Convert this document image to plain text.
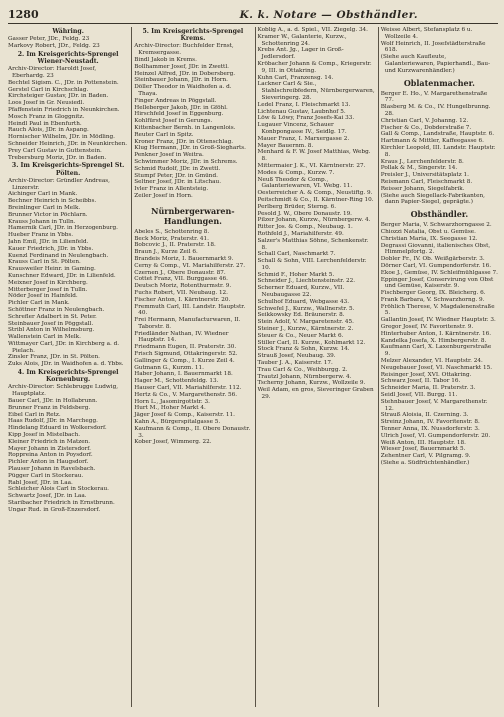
1280	K. k. Notare — Obsthändler.
Währing.
Gasser Peter, JDr., Feldg. 23
Markovy Robert, JDr., Feldg. 23
2. Im Kreisgerichts-Sprengel Wiener-Neustadt.
Archiv-Director: Haroldt Josef, Eberhardg. 23
Bechtel Sigism. C., JDr. in Pottenstein.
Gerstel Carl in Kirchschlag.
Kirchsteiger Gustav, JDr. in Baden.
Loos Josef in Gr. Neusiedl.
Pfaffenstein Friedrich in Neunkirchen.
Mosch Franz in Gloggnitz.
Heindl Paul in Ebenfurth.
Rauch Alois, JDr. in Aspang.
Hornischer Wilhelm, JDr. in Mödling.
Schneider Heinrich, JDr. in Neunkirchen.
Prey Carl Gustav in Guttenstein.
Trebersburg Moriz, JDr. in Baden.
3. Im Kreisgerichts-Sprengel St. Pölten.
Archiv-Director: Gründler Andreas, Linzerstr.
Aichinger Carl in Mank.
Bechner Heinrich in Scheibbs.
Breinlinger Carl in Melk.
Brunner Victor in Pöchlarn.
Krauss Johann in Tulln.
Hamernik Carl, JDr. in Herzogenburg.
Hueber Franz in Ybbs.
Jahn Emil, JDr. in Lilienfeld.
Kauer Friedrich, JDr. in Ybbs.
Kuenzl Ferdinand in Neulengbach.
Krauss Carl in St. Pölten.
Krausweiler Heinr. in Gaming.
Kunschner Edward, JDr. in Lilienfeld.
Meixner Josef in Kirchberg.
Mitterberger Josef in Tulln.
Nöder Josef in Hainfeld.
Pichler Carl in Mank.
Schöttner Franz in Neulengbach.
Schrefler Adalbert in St. Peter.
Steinbauer Josef in Pöggstall.
Stribl Anton in Wilhelmsburg.
Wallenstein Carl in Melk.
Wittmayer Carl, JDr. in Kirchberg a. d. Pielach.
Zinsler Franz, JDr. in St. Pölten.
Zuks Alois, JDr. in Waidhofen a. d. Ybbs.
4. Im Kreisgerichts-Sprengel Korneuburg.
Archiv-Director: Schlebrugge Ludwig, Hauptplatz.
Bauer Carl, JDr. in Hollabrunn.
Brunner Franz in Feldsberg.
Eibel Carl in Retz.
Haas Rudolf, JDr. in Marchegg.
Hindelang Eduard in Wolkersdorf.
Kipp Josef in Mistelbach.
Kleiner Friedrich in Matzen.
Mayer Johann in Zistersdorf.
Roppreina Anton in Poysdorf.
Pichler Anton in Haugsdorf.
Plauser Johann in Ravelsbach.
Pügger Carl in Stockerau.
Rabl Josef, JDr. in Laa.
Schleicher Alois Carl in Stockerau.
Schwartz Josef, JDr. in Laa.
Staribacher Friedrich in Ernstbrunn.
Ungar Rud. in Groß-Enzersdorf.
5. Im Kreisgerichts-Sprengel Krems.
Archiv-Director: Buchfelder Ernst, Kremsergasse.
Bindl Jakob in Krems.
Bollhammer Josef, JDr. in Zwettl.
Heinzel Alfred, JDr. in Dobersberg.
Steinbauer Johann, JDr. in Horn.
Döller Theodor in Waidhofen a. d. Thaya.
Finger Andreas in Pöggstall.
Helleberger Jakob, JDr. in Gföhl.
Hirschfeld Josef in Eggenburg.
Kohlfürst Josef in Gerungs.
Kittenbacher Bernh. in Langenlois.
Reuter Carl in Spitz.
Kroner Franz, JDr. in Ottenschlag.
Klug Hermann, JDr. in Groß-Siegharts.
Penkner Josef in Weitra.
Schwimmer Moriz, JDr. in Schrems.
Schmid Rudolf, JDr. in Zwettl.
Stumpf Peter, JDr. in Gmünd.
Seltner Josef, JDr. in Litschau.
Ivler Franz in Allentsteig.
Zeiler Josef in Horn.
Nürnbergerwaren-Handlungen.
Abeles S., Schottenring 8.
Beck Moriz, Praterstr. 41.
Bobcovic J., II. Praterstr. 18.
Braun J., Kurze Zeil 6.
Brandeis Moriz, I. Bauernmarkt 9.
Cerny & Comp., VI. Mariahilferstr. 27.
Czernen J., Obere Donaustr. 87.
Cottet Franz, VII. Burggasse 46.
Deutsch Moriz, Rotenthurmstr. 9.
Fuchs Robert, VII. Neubaug. 12.
Fischer Anton, I. Kärntnerstr. 20.
Fremmuth Carl, III. Landstr. Hauptstr. 40.
Frei Hermann, Manufacturwaren, II. Taborstr. 8.
Friedländer Nathan, IV. Wiedner Hauptstr. 14.
Friedmann Eugen, II. Praterstr. 30.
Frisch Sigmund, Ottakringerstr. 52.
Gallinger & Comp., I. Kurze Zeil 4.
Gutmann G., Kurzm. 11.
Haber Johann, I. Bauernmarkt 18.
Hager M., Schottenfeldg. 13.
Hauser Carl, VII. Mariahilferstr. 112.
Hertz & Co., V. Margarethenstr. 56.
Horn L., Jasomirgottstr. 3.
Hurt M., Hoher Markt 4.
Jäger Josef & Comp., Kaiserstr. 11.
Kahn A., Bürgerspitalgasse 5.
Kaufmann & Comp., II. Obere Donaustr. 3.
Kober Josef, Wimmerg. 22.
Koblig A., a. d. Spiel., VII. Ziegelg. 34.
Kramer W., Galanterie, Kurzw., Schottenring 24.
Krebs Ant. Jg., Lager in Groß-Jedlersdorf.
Kröbacher Johann & Comp., Kriegerstr. 9, III. in Ottakring.
Kuhn Carl, Franzensg. 14.
Lackner Carl & Sie., Stahlschreibfedern, Nürnbergerwaren, Sieveringerg. 28.
Ledel Franz, I. Fleischmarkt 13.
Lichtenau Gustav, Laubnhof 5.
Löw & Löwy, Franz Josefs-Kai 33.
Lugauer Vincenz, Schauer Konbpongasse IV., Seidlg. 17.
Mauer Franz, I. Marxergasse 2.
Mayer Bauernm. 8.
Menhard & F. W. Josef Matthias, Webg. 8.
Mittermaier J. K., VI. Kärntnerstr. 27.
Modes & Comp., Kurzw. 7.
Neuß Theodor & Comp., Galanteriewaren, VI. Webg. 11.
Oesterreicher A. & Comp., Neustiftg. 9.
Peitschmidt & Co., II. Kärntner-Ring 10.
Perlberg Brüder, Sterng. 6.
Pesold J. W., Obere Donaustr. 19.
Pilzer Johann, Kurzw., Nürnbergerw. 4.
Ritter Jos. & Comp., Neubaug. 1.
Rothfeld J., Mariahilferstr. 49.
Salzer's Matthias Söhne, Schenkenstr. 8.
Schall Carl, Naschmarkt 7.
Schall & Sohn, VIII. Lerchenfelderstr. 10.
Schmid F., Hoher Markt 5.
Schneider J., Liechtensteinstr. 22.
Scherner Eduard, Kurzw., VII. Neubaugasse 22.
Schulhof Eduard, Webgasse 43.
Schwefel J., Kurzw., Wallnerstr. 5.
Seikkowsky Ed. Bräunerstr. 8.
Stein Adolf, V. Margaretenstr. 45.
Steiner J., Kurzw., Kärntnerstr. 2.
Steuer & Co., Neuer Markt 6.
Stiller Carl, II. Kurzw., Kohlmarkt 12.
Stock Franz & Sohn, Kurzw. 14.
Strauß Josef, Neubaug. 39.
Tauber J. A., Kaiserstr. 17.
Trau Carl & Co., Weihburgg. 2.
Trautzl Johann, Nürnbergerw. 4.
Tscherny Johann, Kurzw., Wollzeile 9.
Weil Adam, en gros, Sieveringer Graben 29.
Weisse Albert, Stefansplatz 6 u. Wollzeile 4.
Wolf Heinrich, II. Josefstädterstraße 618.
(Siehe auch Kaufleute, Galanteriewaren, Papierhandl., Bau- und Kurzwarenhändler.)
Oblatenmacher.
Berger E. Ho., V. Margarethenstraße 77.
Blasberg M. & Co., IV. Hungelbrunng. 28.
Christian Carl, V. Johanng. 12.
Fischer & Co., Dobderstraße 7.
Gall & Comp., Landstraße, Hauptstr. 6.
Hartmann & Mittler, Kaffeegasse 6.
Kirchler Leopold, III. Landstr. Hauptstr. 8.
Kraus J., Lerchenfelderstr. 8.
Pollak & M., Singerstr. 14.
Preisler J., Universitätsplatz 1.
Reismann Carl, Fleischmarkt 8.
Reisser Johann, Siegelfabrik.
(Siehe auch Siegellack-Fabrikanten, dann Papier-Siegel, geprägte.)
Obsthändler.
Berger Maria, V. Schwarzhorngasse 2.
Chiozzi Natalia, Obst u. Gemüse.
Christian Maria, IX. Seegasse 12.
Degrassi Giovanni, italienisches Obst, Himmelpfortg. 2.
Dobler Fr., IV. Ob. Weißgärberstr. 3.
Dörner Carl, VI. Gumpendorferstr. 16.
Ekoe J., Gemüse, IV. Schleifmühlgasse 7.
Eppinger Josef, Conservirung von Obst und Gemüse, Kaiserstr. 9.
Fischberger Georg, IX. Bleicherg. 6.
Frank Barbara, V. Schwarzhorng. 9.
Fröhlich Therese, V. Magdalenenstraße 5.
Gallantin Josef, IV. Wiedner Hauptstr. 3.
Gregor Josef, IV. Favoritenstr. 9.
Hinterhuber Anton, I. Kärntnerstr. 16.
Kandelka Josefa, X. Himbergerstr. 8.
Kaufmann Carl, X. Laxenburgerstraße 9.
Melzer Alexander, VI. Hauptstr. 24.
Neugebauer Josef, VI. Naschmarkt 15.
Reisinger Josef, XVI. Ottakring.
Schwarz Josef, II. Tabor 16.
Schneider Maria, II. Praterstr. 3.
Seidl Josef, VII. Burgg. 11.
Stehnbauer Josef, V. Margarethenstr. 12.
Strauß Aloisia, II. Czerning. 3.
Streinz Johann, IV. Favoritenstr. 8.
Tenner Anna, IX. Nussdorferstr. 3.
Ulrich Josef, VI. Gumpendorferstr. 20.
Weiß Anton, III. Hauptstr. 18.
Wieser Josef, Bauernmarkt 5.
Zehentner Carl, V. Pilgramg. 9.
(Siehe a. Südfrüchtenhändler.)
